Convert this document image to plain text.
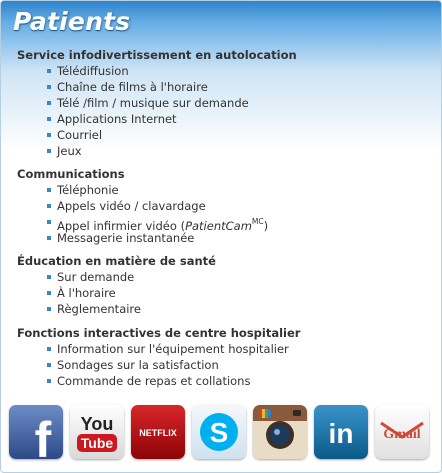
Patients
Service infodivertissement en autolocation
Télédiffusion
Chaîne de films à l'horaire
Télé /film / musique sur demande
Applications Internet
Courriel
Jeux
Communications
Téléphonie
Appels vidéo / clavardage
Appel infirmier vidéo (PatientCam$^{MC}$)
Messagerie instantanée
Éducation en matière de santé
Sur demande
À l'horaire
Règlementaire
Fonctions interactives de centre hospitalier
Information sur l'équipement hospitalier
Sondages sur la satisfaction
Commande de repas et collations
f You
Tube
NETFLIX S	in Gmail
